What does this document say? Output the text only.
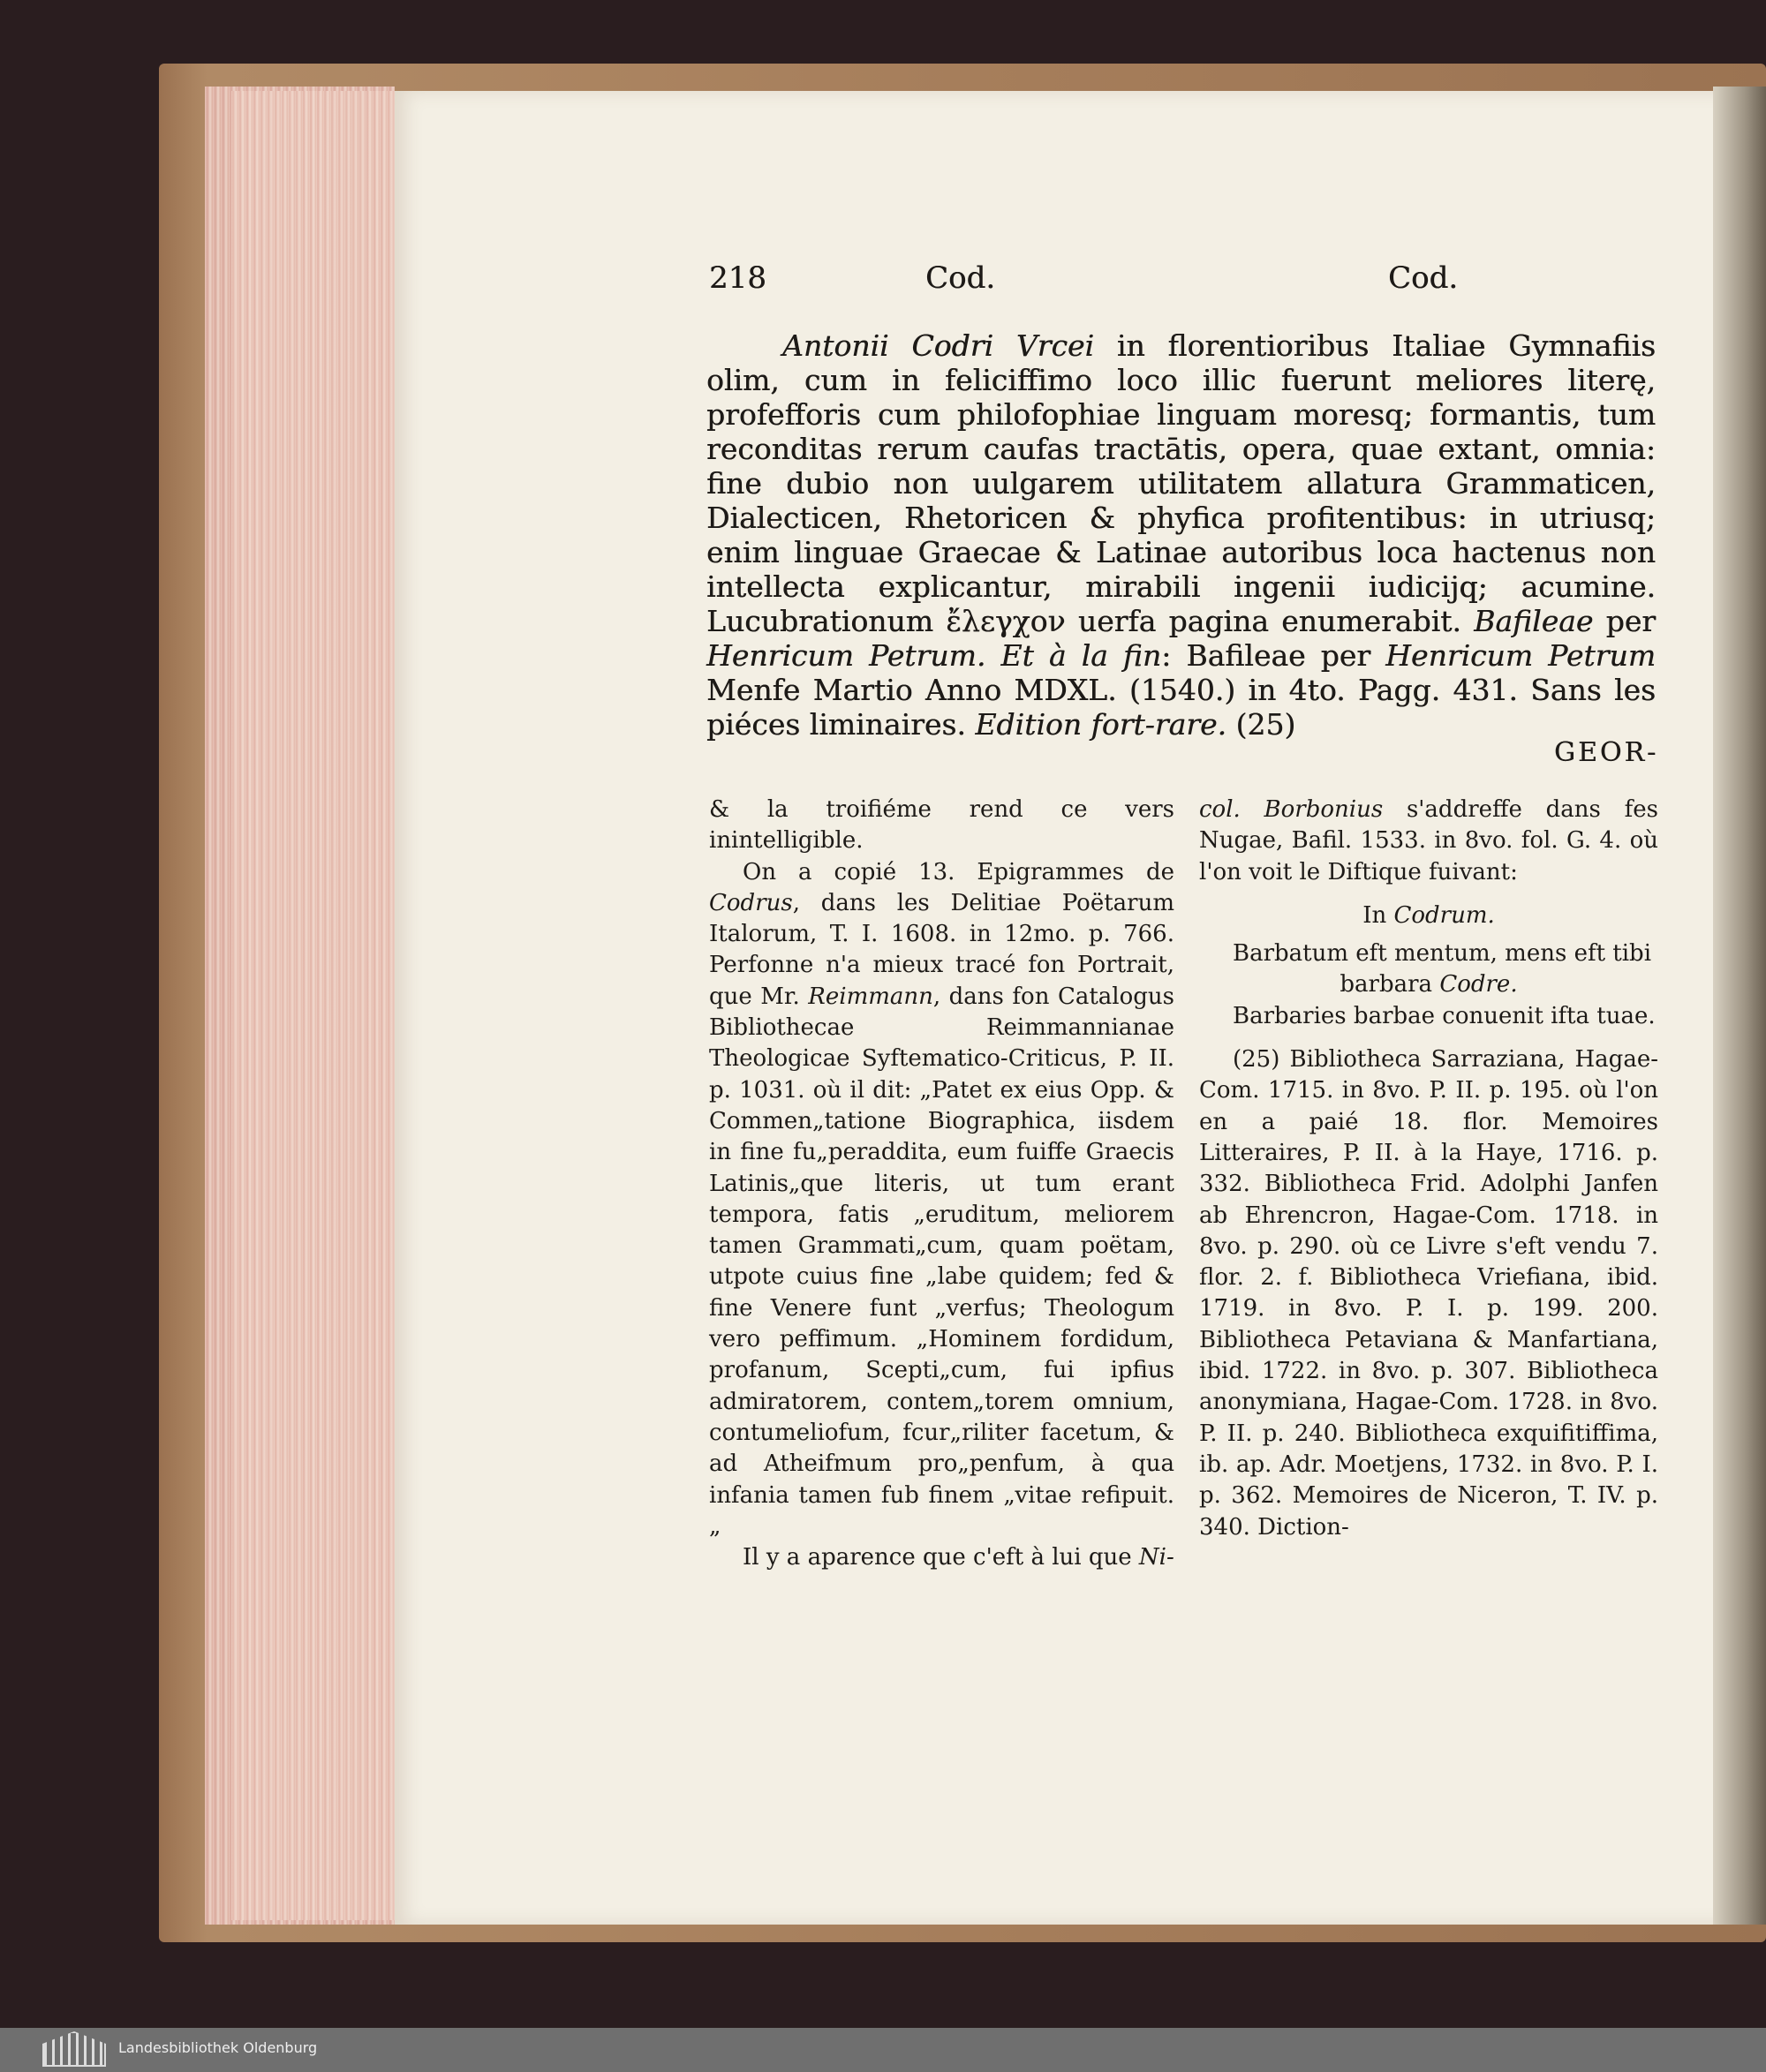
218	Cod.	Cod.
Antonii Codri Vrcei in florentioribus Italiae Gymnafiis olim, cum in feliciffimo loco illic fuerunt meliores literę, profefforis cum philofophiae linguam moresq; formantis, tum reconditas rerum caufas tractātis, opera, quae extant, omnia: fine dubio non uulgarem utilitatem allatura Grammaticen, Dialecticen, Rhetoricen & phyfica profitentibus: in utriusq; enim linguae Graecae & Latinae autoribus loca hactenus non intellecta explicantur, mirabili ingenii iudicijq; acumine. Lucubrationum ἔλεγχον uerfa pagina enumerabit. Bafileae per Henricum Petrum. Et à la fin: Bafileae per Henricum Petrum Menfe Martio Anno MDXL. (1540.) in 4to. Pagg. 431. Sans les piéces liminaires. Edition fort-rare. (25)
GEOR-

& la troifiéme rend ce vers inintelligible.

On a copié 13. Epigrammes de Codrus, dans les Delitiae Poëtarum Italorum, T. I. 1608. in 12mo. p. 766. Perfonne n'a mieux tracé fon Portrait, que Mr. Reimmann, dans fon Catalogus Bibliothecae Reimmannianae Theologicae Syftematico-Criticus, P. II. p. 1031. où il dit: „Patet ex eius Opp. & Commen„tatione Biographica, iisdem in fine fu„peraddita, eum fuiffe Graecis Latinis„que literis, ut tum erant tempora, fatis „eruditum, meliorem tamen Grammati„cum, quam poëtam, utpote cuius fine „labe quidem; fed & fine Venere funt „verfus; Theologum vero peffimum. „Hominem fordidum, profanum, Scepti„cum, fui ipfius admiratorem, contem„torem omnium, contumeliofum, fcur„riliter facetum, & ad Atheifmum pro„penfum, à qua infania tamen fub finem „vitae refipuit. „

Il y a aparence que c'eft à lui que Ni-

col. Borbonius s'addreffe dans fes Nugae, Bafil. 1533. in 8vo. fol. G. 4. où l'on voit le Diftique fuivant:

In Codrum.

Barbatum eft mentum, mens eft tibi

barbara Codre.

Barbaries barbae conuenit ifta tuae.

(25) Bibliotheca Sarraziana, Hagae-Com. 1715. in 8vo. P. II. p. 195. où l'on en a paié 18. flor. Memoires Litteraires, P. II. à la Haye, 1716. p. 332. Bibliotheca Frid. Adolphi Janfen ab Ehrencron, Hagae-Com. 1718. in 8vo. p. 290. où ce Livre s'eft vendu 7. flor. 2. f. Bibliotheca Vriefiana, ibid. 1719. in 8vo. P. I. p. 199. 200. Bibliotheca Petaviana & Manfartiana, ibid. 1722. in 8vo. p. 307. Bibliotheca anonymiana, Hagae-Com. 1728. in 8vo. P. II. p. 240. Bibliotheca exquifitiffima, ib. ap. Adr. Moetjens, 1732. in 8vo. P. I. p. 362. Memoires de Niceron, T. IV. p. 340. Diction-

Landesbibliothek Oldenburg
